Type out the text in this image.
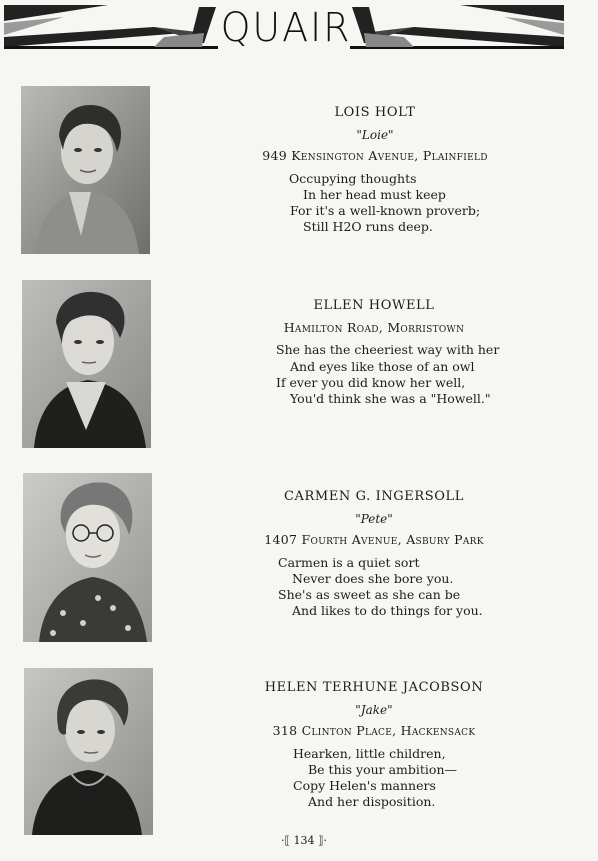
QUAIR
LOIS HOLT
"Loie"
949 Kensington Avenue, Plainfield
Occupying thoughts
In her head must keep
For it's a well-known proverb;
Still H2O runs deep.
ELLEN HOWELL
Hamilton Road, Morristown
She has the cheeriest way with her
And eyes like those of an owl
If ever you did know her well,
You'd think she was a "Howell."
CARMEN G. INGERSOLL
"Pete"
1407 Fourth Avenue, Asbury Park
Carmen is a quiet sort
Never does she bore you.
She's as sweet as she can be
And likes to do things for you.
HELEN TERHUNE JACOBSON
"Jake"
318 Clinton Place, Hackensack
Hearken, little children,
Be this your ambition—
Copy Helen's manners
And her disposition.
·⟦ 134 ⟧·
